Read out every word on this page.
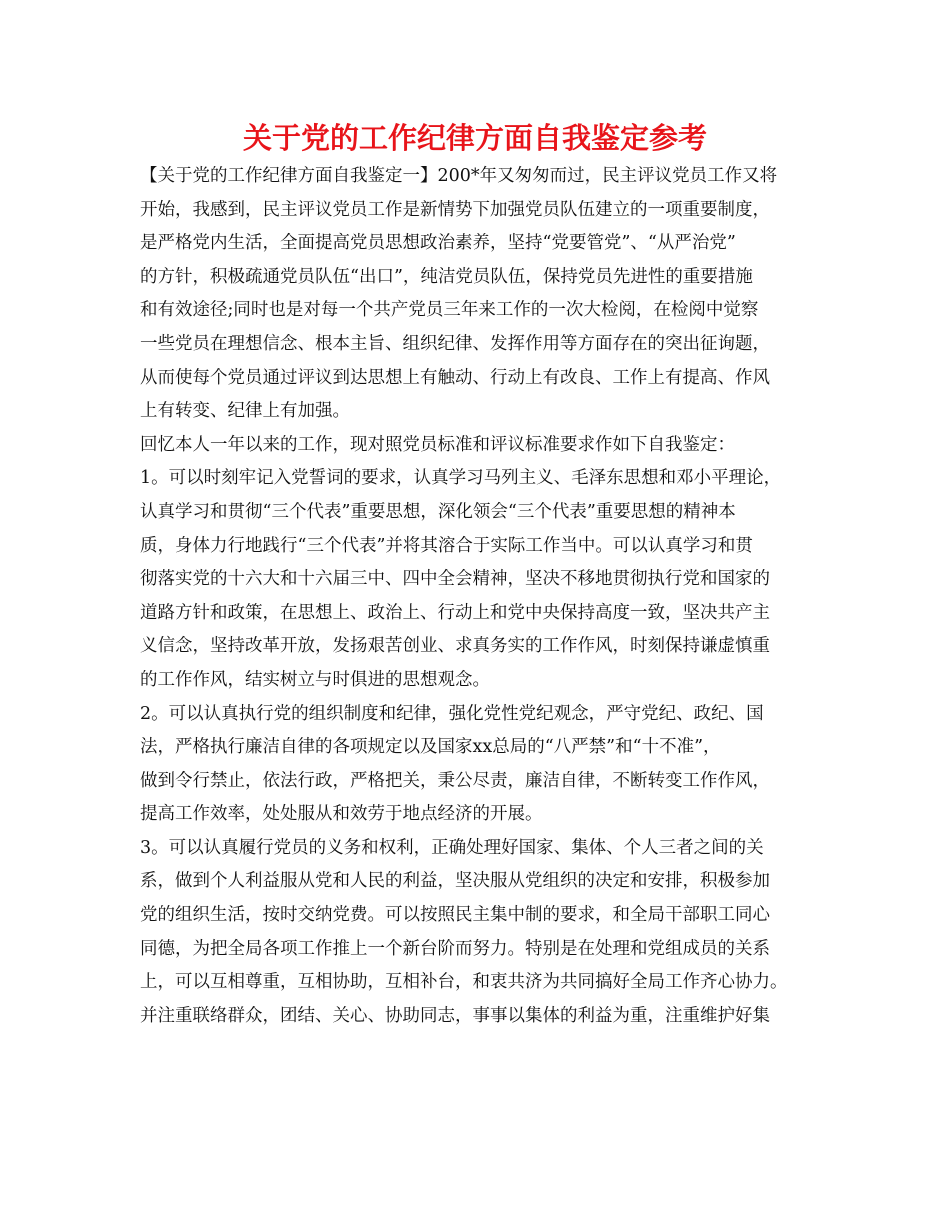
关于党的工作纪律方面自我鉴定参考

【关于党的工作纪律方面自我鉴定一】200*年又匆匆而过，民主评议党员工作又将

开始，我感到，民主评议党员工作是新情势下加强党员队伍建立的一项重要制度，

是严格党内生活，全面提高党员思想政治素养，坚持“党要管党”、“从严治党”

的方针，积极疏通党员队伍“出口”，纯洁党员队伍，保持党员先进性的重要措施

和有效途径;同时也是对每一个共产党员三年来工作的一次大检阅，在检阅中觉察

一些党员在理想信念、根本主旨、组织纪律、发挥作用等方面存在的突出征询题，

从而使每个党员通过评议到达思想上有触动、行动上有改良、工作上有提高、作风

上有转变、纪律上有加强。

回忆本人一年以来的工作，现对照党员标准和评议标准要求作如下自我鉴定：

1。可以时刻牢记入党誓词的要求，认真学习马列主义、毛泽东思想和邓小平理论，

认真学习和贯彻“三个代表”重要思想，深化领会“三个代表”重要思想的精神本

质，身体力行地践行“三个代表”并将其溶合于实际工作当中。可以认真学习和贯

彻落实党的十六大和十六届三中、四中全会精神，坚决不移地贯彻执行党和国家的

道路方针和政策，在思想上、政治上、行动上和党中央保持高度一致，坚决共产主

义信念，坚持改革开放，发扬艰苦创业、求真务实的工作作风，时刻保持谦虚慎重

的工作作风，结实树立与时俱进的思想观念。

2。可以认真执行党的组织制度和纪律，强化党性党纪观念，严守党纪、政纪、国

法，严格执行廉洁自律的各项规定以及国家xx总局的“八严禁”和“十不准”，

做到令行禁止，依法行政，严格把关，秉公尽责，廉洁自律，不断转变工作作风，

提高工作效率，处处服从和效劳于地点经济的开展。

3。可以认真履行党员的义务和权利，正确处理好国家、集体、个人三者之间的关

系，做到个人利益服从党和人民的利益，坚决服从党组织的决定和安排，积极参加

党的组织生活，按时交纳党费。可以按照民主集中制的要求，和全局干部职工同心

同德，为把全局各项工作推上一个新台阶而努力。特别是在处理和党组成员的关系

上，可以互相尊重，互相协助，互相补台，和衷共济为共同搞好全局工作齐心协力。

并注重联络群众，团结、关心、协助同志，事事以集体的利益为重，注重维护好集
